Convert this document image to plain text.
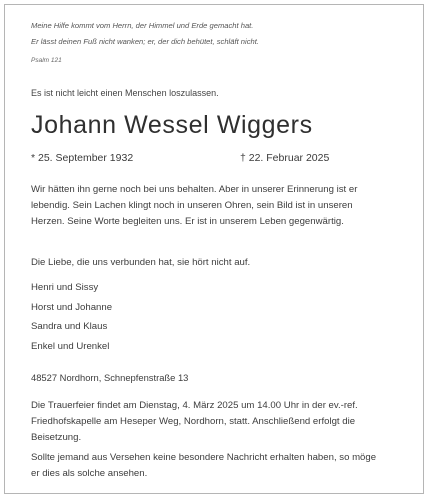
Meine Hilfe kommt vom Herrn, der Himmel und Erde gemacht hat.
Er lässt deinen Fuß nicht wanken; er, der dich behütet, schläft nicht.
Psalm 121
Es ist nicht leicht einen Menschen loszulassen.
Johann Wessel Wiggers
* 25. September 1932	† 22. Februar 2025
Wir hätten ihn gerne noch bei uns behalten. Aber in unserer Erinnerung ist er
lebendig. Sein Lachen klingt noch in unseren Ohren, sein Bild ist in unseren
Herzen. Seine Worte begleiten uns. Er ist in unserem Leben gegenwärtig.
Die Liebe, die uns verbunden hat, sie hört nicht auf.
Henri und Sissy
Horst und Johanne
Sandra und Klaus
Enkel und Urenkel
48527 Nordhorn, Schnepfenstraße 13
Die Trauerfeier findet am Dienstag, 4. März 2025 um 14.00 Uhr in der ev.-ref.
Friedhofskapelle am Heseper Weg, Nordhorn, statt. Anschließend erfolgt die
Beisetzung.
Sollte jemand aus Versehen keine besondere Nachricht erhalten haben, so möge
er dies als solche ansehen.
